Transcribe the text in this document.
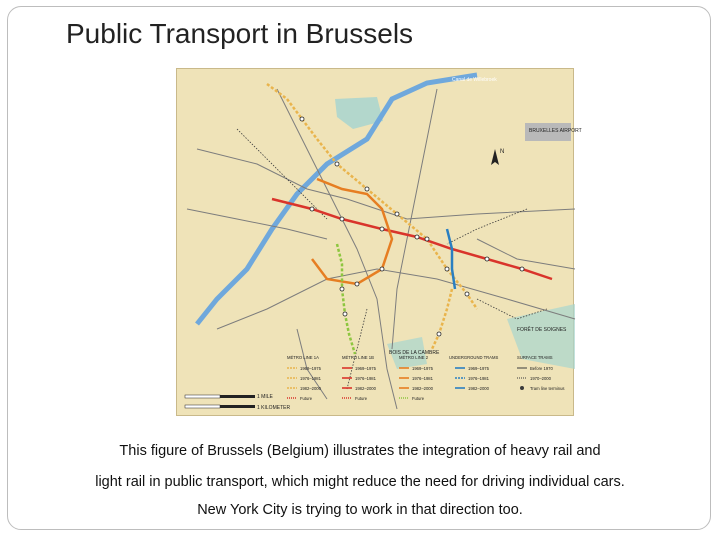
Public Transport in Brussels
BRUXELLES AIRPORT
Canal de Willebroek
N
FORÊT DE SOIGNES
BOIS DE LA CAMBRE
1 MILE
1 KILOMETER
MÉTRO LINE 1A	MÉTRO LINE 1B	MÉTRO LINE 2	UNDERGROUND TRAMS	SURFACE TRAMS
1969–1975
1976–1981
1982–2000
Future
1969–1975
1976–1981
1982–2000
Future
1969–1975
1976–1981
1982–2000
Future
1969–1975
1976–1981
1982–2000
Before 1970
1970–2000
Tram line terminus
This figure of Brussels (Belgium) illustrates the integration of heavy rail and
light rail in public transport, which might reduce the need for driving individual cars.
New York City is trying to work in that direction too.
